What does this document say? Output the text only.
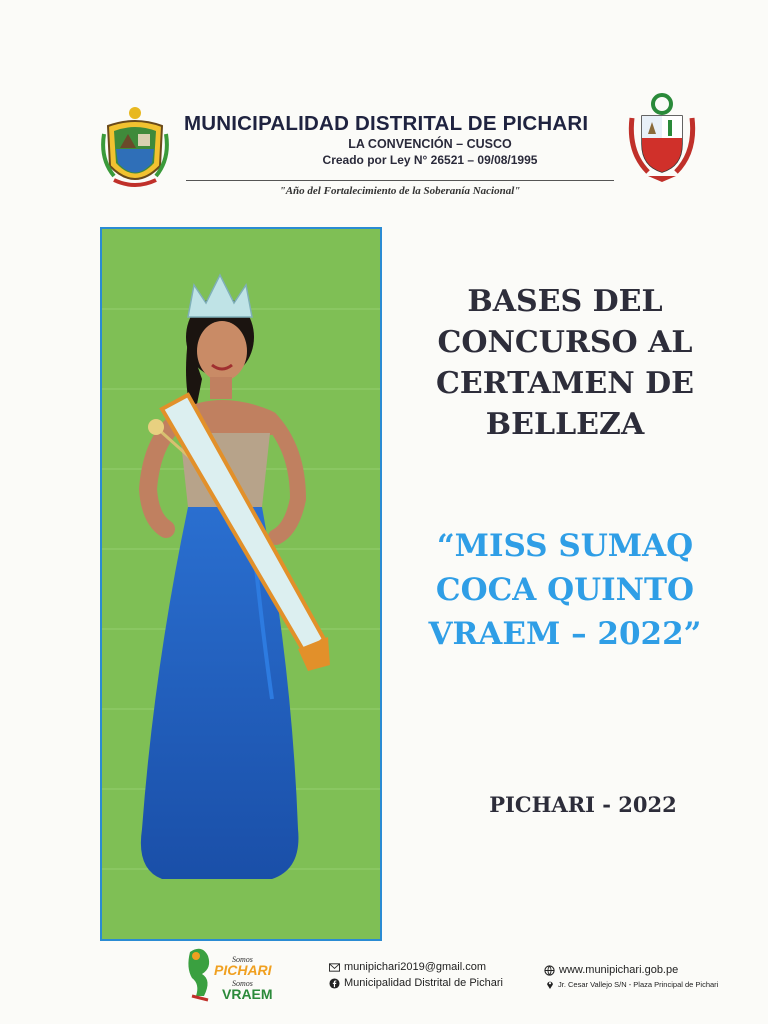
MUNICIPALIDAD DISTRITAL DE PICHARI
LA CONVENCIÓN – CUSCO
Creado por Ley N° 26521 – 09/08/1995
"Año del Fortalecimiento de la Soberanía Nacional"
BASES DEL
CONCURSO AL
CERTAMEN DE
BELLEZA
“MISS SUMAQ
COCA QUINTO
VRAEM – 2022”
PICHARI - 2022
Somos
PICHARI
Somos
VRAEM
munipichari2019@gmail.com
Municipalidad Distrital de Pichari
www.munipichari.gob.pe
Jr. Cesar Vallejo S/N - Plaza Principal de Pichari
